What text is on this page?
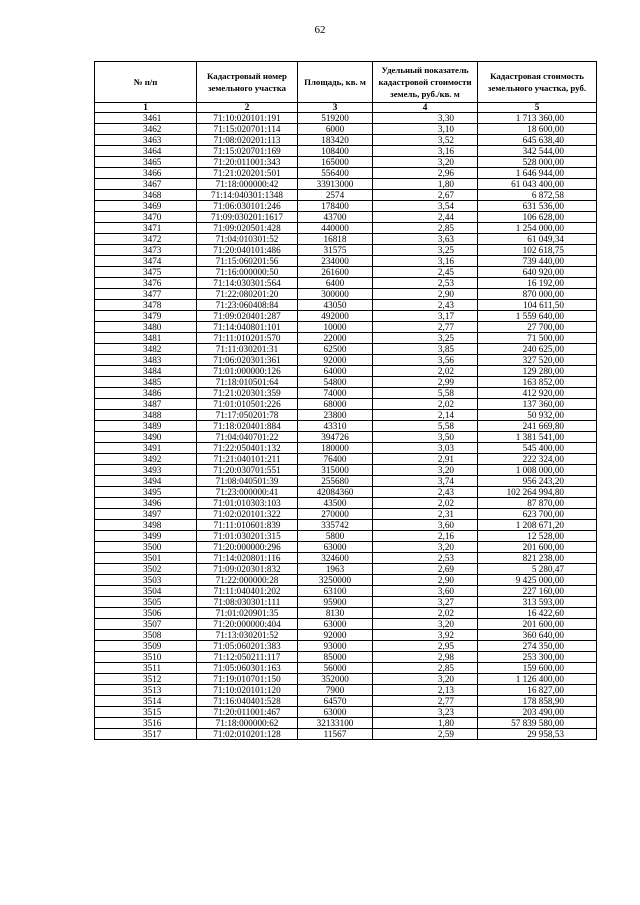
62
№ п/п	Кадастровый номер земельного участка	Площадь, кв. м	Удельный показатель кадастровой стоимости земель, руб./кв. м	Кадастровая стоимость земельного участка, руб.
1	2	3	4	5
3461	71:10:020101:191	519200	3,30	1 713 360,00
3462	71:15:020701:114	6000	3,10	18 600,00
3463	71:08:020201:113	183420	3,52	645 638,40
3464	71:15:020701:169	108400	3,16	342 544,00
3465	71:20:011001:343	165000	3,20	528 000,00
3466	71:21:020201:501	556400	2,96	1 646 944,00
3467	71:18:000000:42	33913000	1,80	61 043 400,00
3468	71:14:040301:1348	2574	2,67	6 872,58
3469	71:06:030101:246	178400	3,54	631 536,00
3470	71:09:030201:1617	43700	2,44	106 628,00
3471	71:09:020501:428	440000	2,85	1 254 000,00
3472	71:04:010301:52	16818	3,63	61 049,34
3473	71:20:040101:486	31575	3,25	102 618,75
3474	71:15:060201:56	234000	3,16	739 440,00
3475	71:16:000000:50	261600	2,45	640 920,00
3476	71:14:030301:564	6400	2,53	16 192,00
3477	71:22:080201:20	300000	2,90	870 000,00
3478	71:23:060408:84	43050	2,43	104 611,50
3479	71:09:020401:287	492000	3,17	1 559 640,00
3480	71:14:040801:101	10000	2,77	27 700,00
3481	71:11:010201:570	22000	3,25	71 500,00
3482	71:11:030201:31	62500	3,85	240 625,00
3483	71:06:020301:361	92000	3,56	327 520,00
3484	71:01:000000:126	64000	2,02	129 280,00
3485	71:18:010501:64	54800	2,99	163 852,00
3486	71:21:020301:359	74000	5,58	412 920,00
3487	71:01:010501:226	68000	2,02	137 360,00
3488	71:17:050201:78	23800	2,14	50 932,00
3489	71:18:020401:884	43310	5,58	241 669,80
3490	71:04:040701:22	394726	3,50	1 381 541,00
3491	71:22:050401:132	180000	3,03	545 400,00
3492	71:21:040101:211	76400	2,91	222 324,00
3493	71:20:030701:551	315000	3,20	1 008 000,00
3494	71:08:040501:39	255680	3,74	956 243,20
3495	71:23:000000:41	42084360	2,43	102 264 994,80
3496	71:01:010303:103	43500	2,02	87 870,00
3497	71:02:020101:322	270000	2,31	623 700,00
3498	71:11:010601:839	335742	3,60	1 208 671,20
3499	71:01:030201:315	5800	2,16	12 528,00
3500	71:20:000000:296	63000	3,20	201 600,00
3501	71:14:020801:116	324600	2,53	821 238,00
3502	71:09:020301:832	1963	2,69	5 280,47
3503	71:22:000000:28	3250000	2,90	9 425 000,00
3504	71:11:040401:202	63100	3,60	227 160,00
3505	71:08:030301:111	95900	3,27	313 593,00
3506	71:01:020901:35	8130	2,02	16 422,60
3507	71:20:000000:404	63000	3,20	201 600,00
3508	71:13:030201:52	92000	3,92	360 640,00
3509	71:05:060201:383	93000	2,95	274 350,00
3510	71:12:050211:117	85000	2,98	253 300,00
3511	71:05:060301:163	56000	2,85	159 600,00
3512	71:19:010701:150	352000	3,20	1 126 400,00
3513	71:10:020101:120	7900	2,13	16 827,00
3514	71:16:040401:528	64570	2,77	178 858,90
3515	71:20:011001:467	63000	3,23	203 490,00
3516	71:18:000000:62	32133100	1,80	57 839 580,00
3517	71:02:010201:128	11567	2,59	29 958,53
